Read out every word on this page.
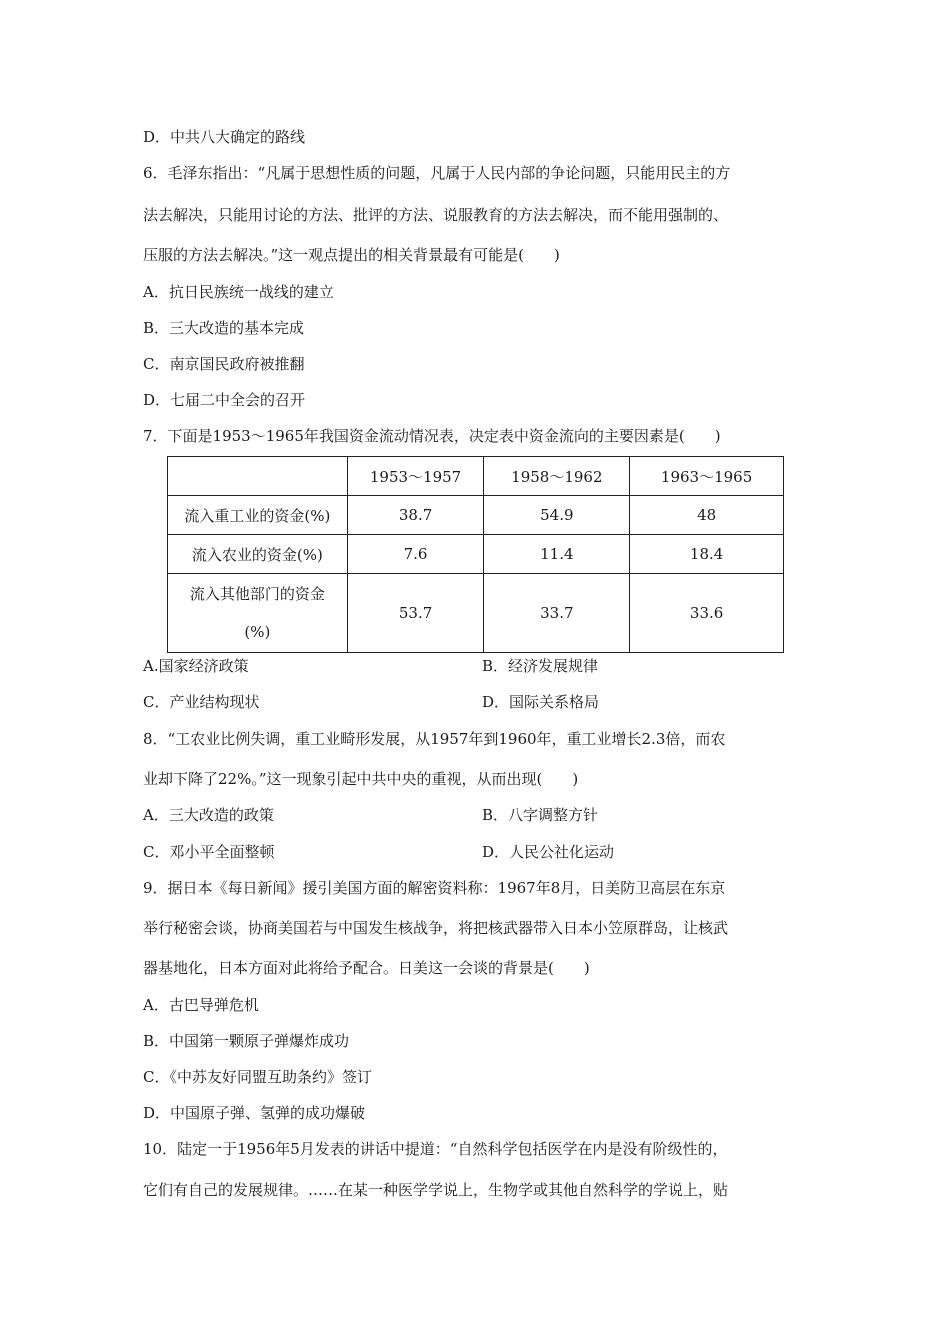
D．中共八大确定的路线
6．毛泽东指出：“凡属于思想性质的问题，凡属于人民内部的争论问题，只能用民主的方
法去解决，只能用讨论的方法、批评的方法、说服教育的方法去解决，而不能用强制的、
压服的方法去解决。”这一观点提出的相关背景最有可能是(　　)
A．抗日民族统一战线的建立
B．三大改造的基本完成
C．南京国民政府被推翻
D．七届二中全会的召开
7．下面是1953～1965年我国资金流动情况表，决定表中资金流向的主要因素是(　　)
	1953～1957	1958～1962	1963～1965
流入重工业的资金(%)	38.7	54.9	48
流入农业的资金(%)	7.6	11.4	18.4

流入其他部门的资金
(%)	53.7	33.7	33.6
A.国家经济政策	B．经济发展规律
C．产业结构现状	D．国际关系格局
8．“工农业比例失调，重工业畸形发展，从1957年到1960年，重工业增长2.3倍，而农
业却下降了22%。”这一现象引起中共中央的重视，从而出现(　　)
A．三大改造的政策	B．八字调整方针
C．邓小平全面整顿	D．人民公社化运动
9．据日本《每日新闻》援引美国方面的解密资料称：1967年8月，日美防卫高层在东京
举行秘密会谈，协商美国若与中国发生核战争，将把核武器带入日本小笠原群岛，让核武
器基地化，日本方面对此将给予配合。日美这一会谈的背景是(　　)
A．古巴导弹危机
B．中国第一颗原子弹爆炸成功
C．《中苏友好同盟互助条约》签订
D．中国原子弹、氢弹的成功爆破
10．陆定一于1956年5月发表的讲话中提道：“自然科学包括医学在内是没有阶级性的，
它们有自己的发展规律。……在某一种医学学说上，生物学或其他自然科学的学说上，贴
